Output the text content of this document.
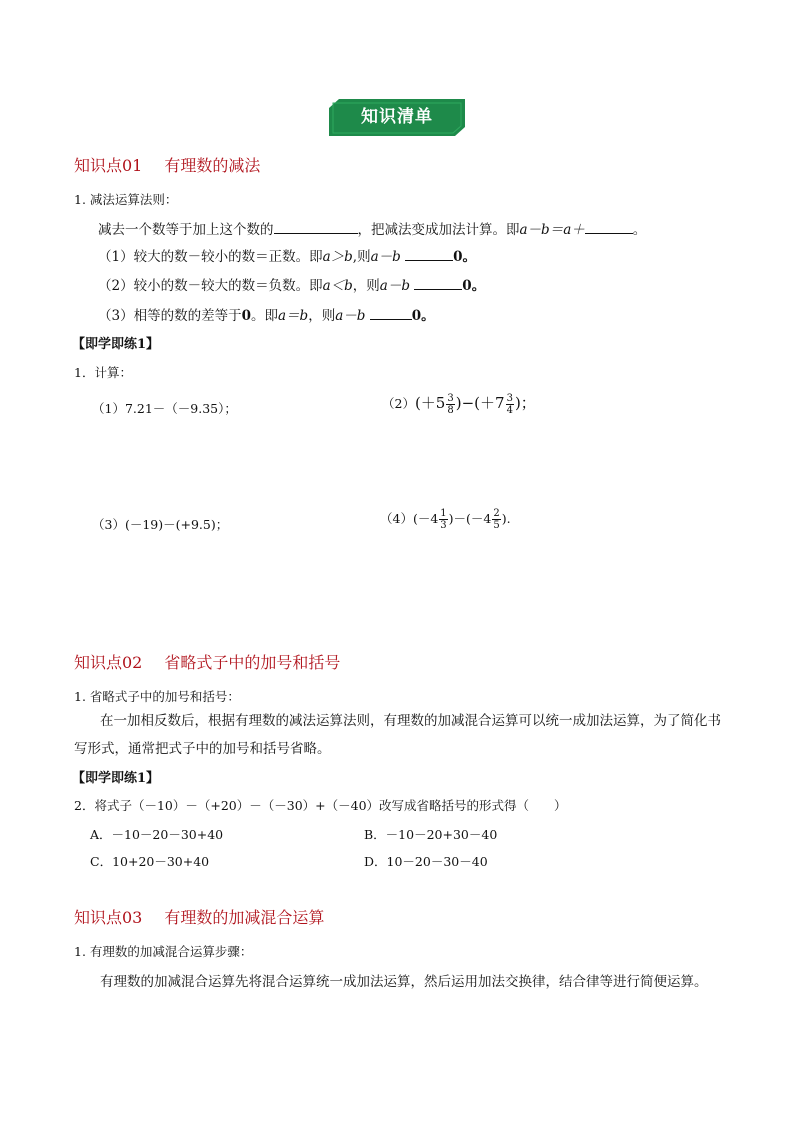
知识清单
知识点01 有理数的减法
1. 减法运算法则：
减去一个数等于加上这个数的	，把减法变成加法计算。即a－b＝a＋	。
（1）较大的数－较小的数＝正数。即a＞b,则a－b	0。
（2）较小的数－较大的数＝负数。即a＜b，则a－b	0。
（3）相等的数的差等于0。即a＝b，则a－b	0。
【即学即练1】
1．计算：
（1）7.21－（－9.35）；	$(2)(+5 \frac{3}{8} )-(+7 \frac{3}{4}$ )；
（3）(－19)－(+9.5)；	$(4)(-4 \frac{1}{3} )-(-4 \frac{2}{5}$ ).
知识点02 省略式子中的加号和括号
1. 省略式子中的加号和括号：
在一加相反数后，根据有理数的减法运算法则，有理数的加减混合运算可以统一成加法运算，为了简化书写形式，通常把式子中的加号和括号省略。
【即学即练1】
2．将式子（－10）－（+20）－（－30）+（－40）改写成省略括号的形式得（　　）
A．－10－20－30+40	B．－10－20+30－40
C．10+20－30+40	D．10－20－30－40
知识点03 有理数的加减混合运算
1. 有理数的加减混合运算步骤：
有理数的加减混合运算先将混合运算统一成加法运算，然后运用加法交换律，结合律等进行简便运算。
